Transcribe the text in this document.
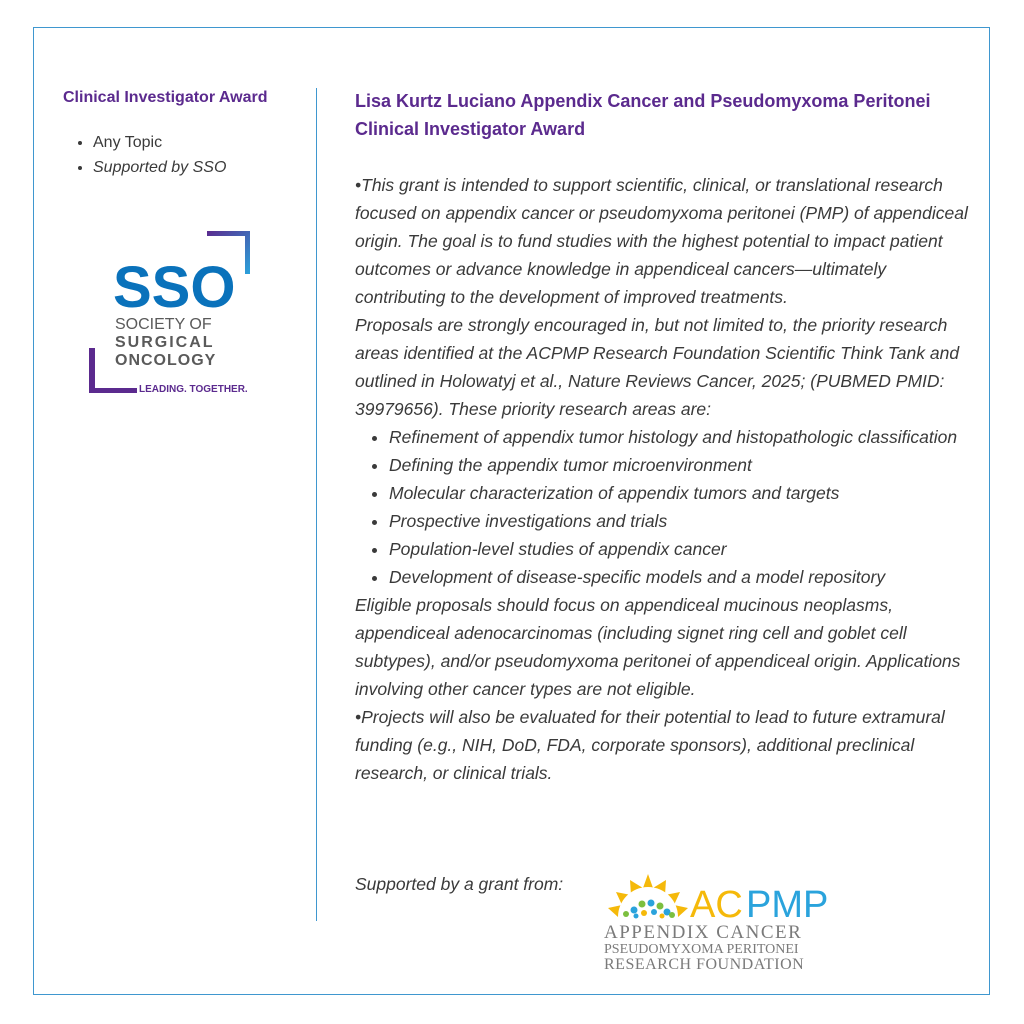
Clinical Investigator Award
• Any Topic
• Supported by SSO
SSO
SOCIETY OF
SURGICAL
ONCOLOGY
LEADING. TOGETHER.
Lisa Kurtz Luciano Appendix Cancer and Pseudomyxoma Peritonei Clinical Investigator Award

•This grant is intended to support scientific, clinical, or translational research focused on appendix cancer or pseudomyxoma peritonei (PMP) of appendiceal origin. The goal is to fund studies with the highest potential to impact patient outcomes or advance knowledge in appendiceal cancers—ultimately contributing to the development of improved treatments.

Proposals are strongly encouraged in, but not limited to, the priority research areas identified at the ACPMP Research Foundation Scientific Think Tank and outlined in Holowatyj et al., Nature Reviews Cancer, 2025; (PUBMED PMID: 39979656). These priority research areas are:

• Refinement of appendix tumor histology and histopathologic classification
• Defining the appendix tumor microenvironment
• Molecular characterization of appendix tumors and targets
• Prospective investigations and trials
• Population-level studies of appendix cancer
• Development of disease-specific models and a model repository

Eligible proposals should focus on appendiceal mucinous neoplasms, appendiceal adenocarcinomas (including signet ring cell and goblet cell subtypes), and/or pseudomyxoma peritonei of appendiceal origin. Applications involving other cancer types are not eligible.

•Projects will also be evaluated for their potential to lead to future extramural funding (e.g., NIH, DoD, FDA, corporate sponsors), additional preclinical research, or clinical trials.

Supported by a grant from:	AC PMP
APPENDIX CANCER
PSEUDOMYXOMA PERITONEI
RESEARCH FOUNDATION
